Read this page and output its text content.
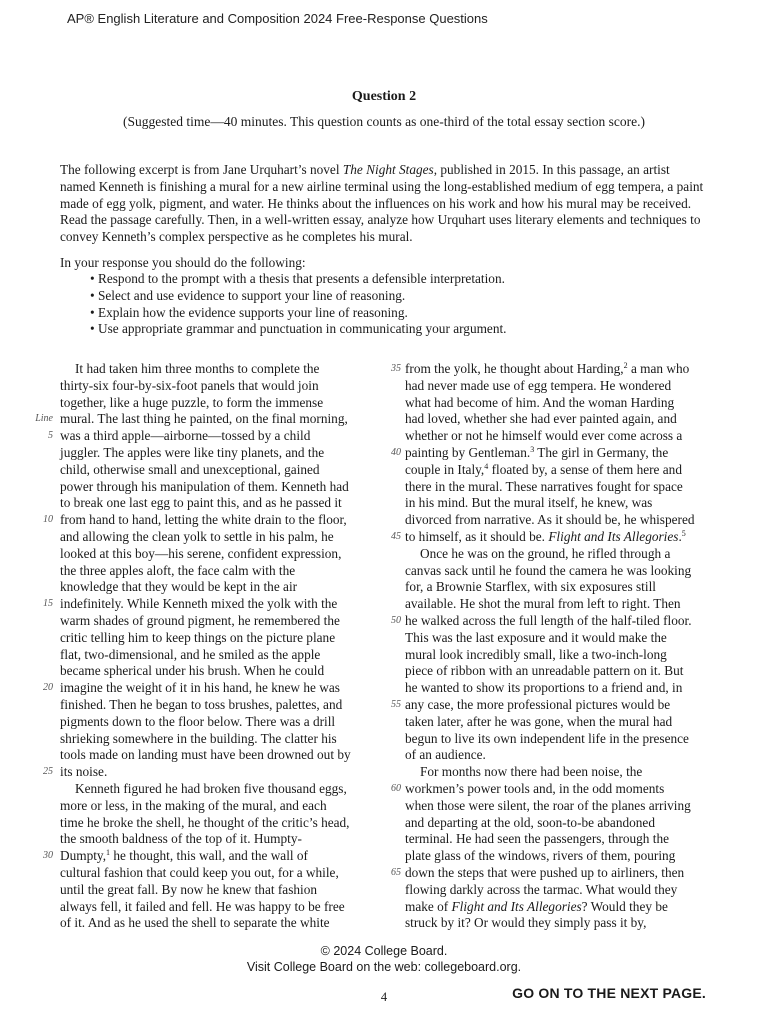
AP® English Literature and Composition 2024 Free-Response Questions
Question 2
(Suggested time—40 minutes. This question counts as one-third of the total essay section score.)

The following excerpt is from Jane Urquhart’s novel The Night Stages, published in 2015. In this passage, an artist named Kenneth is finishing a mural for a new airline terminal using the long-established medium of egg tempera, a paint made of egg yolk, pigment, and water. He thinks about the influences on his work and how his mural may be received. Read the passage carefully. Then, in a well-written essay, analyze how Urquhart uses literary elements and techniques to convey Kenneth’s complex perspective as he completes his mural.

In your response you should do the following:

• Respond to the prompt with a thesis that presents a defensible interpretation.
• Select and use evidence to support your line of reasoning.
• Explain how the evidence supports your line of reasoning.
• Use appropriate grammar and punctuation in communicating your argument.
It had taken him three months to complete the
thirty-six four-by-six-foot panels that would join
together, like a huge puzzle, to form the immense
Line mural. The last thing he painted, on the final morning,
5 was a third apple—airborne—tossed by a child
juggler. The apples were like tiny planets, and the
child, otherwise small and unexceptional, gained
power through his manipulation of them. Kenneth had
to break one last egg to paint this, and as he passed it
10 from hand to hand, letting the white drain to the floor,
and allowing the clean yolk to settle in his palm, he
looked at this boy—his serene, confident expression,
the three apples aloft, the face calm with the
knowledge that they would be kept in the air
15 indefinitely. While Kenneth mixed the yolk with the
warm shades of ground pigment, he remembered the
critic telling him to keep things on the picture plane
flat, two-dimensional, and he smiled as the apple
became spherical under his brush. When he could
20 imagine the weight of it in his hand, he knew he was
finished. Then he began to toss brushes, palettes, and
pigments down to the floor below. There was a drill
shrieking somewhere in the building. The clatter his
tools made on landing must have been drowned out by
25 its noise.
Kenneth figured he had broken five thousand eggs,
more or less, in the making of the mural, and each
time he broke the shell, he thought of the critic’s head,
the smooth baldness of the top of it. Humpty-
30 Dumpty,$^1$ he thought, this wall, and the wall of
cultural fashion that could keep you out, for a while,
until the great fall. By now he knew that fashion
always fell, it failed and fell. He was happy to be free
of it. And as he used the shell to separate the white
35 from the yolk, he thought about Harding,$^2$ a man who
had never made use of egg tempera. He wondered
what had become of him. And the woman Harding
had loved, whether she had ever painted again, and
whether or not he himself would ever come across a
40 painting by Gentleman.$^3$ The girl in Germany, the
couple in Italy,$^4$ floated by, a sense of them here and
there in the mural. These narratives fought for space
in his mind. But the mural itself, he knew, was
divorced from narrative. As it should be, he whispered
45 to himself, as it should be. Flight and Its Allegories.$^5$
Once he was on the ground, he rifled through a
canvas sack until he found the camera he was looking
for, a Brownie Starflex, with six exposures still
available. He shot the mural from left to right. Then
50 he walked across the full length of the half-tiled floor.
This was the last exposure and it would make the
mural look incredibly small, like a two-inch-long
piece of ribbon with an unreadable pattern on it. But
he wanted to show its proportions to a friend and, in
55 any case, the more professional pictures would be
taken later, after he was gone, when the mural had
begun to live its own independent life in the presence
of an audience.
For months now there had been noise, the
60 workmen’s power tools and, in the odd moments
when those were silent, the roar of the planes arriving
and departing at the old, soon-to-be abandoned
terminal. He had seen the passengers, through the
plate glass of the windows, rivers of them, pouring
65 down the steps that were pushed up to airliners, then
flowing darkly across the tarmac. What would they
make of Flight and Its Allegories? Would they be
struck by it? Or would they simply pass it by,
© 2024 College Board.
Visit College Board on the web: collegeboard.org.
4	GO ON TO THE NEXT PAGE.
